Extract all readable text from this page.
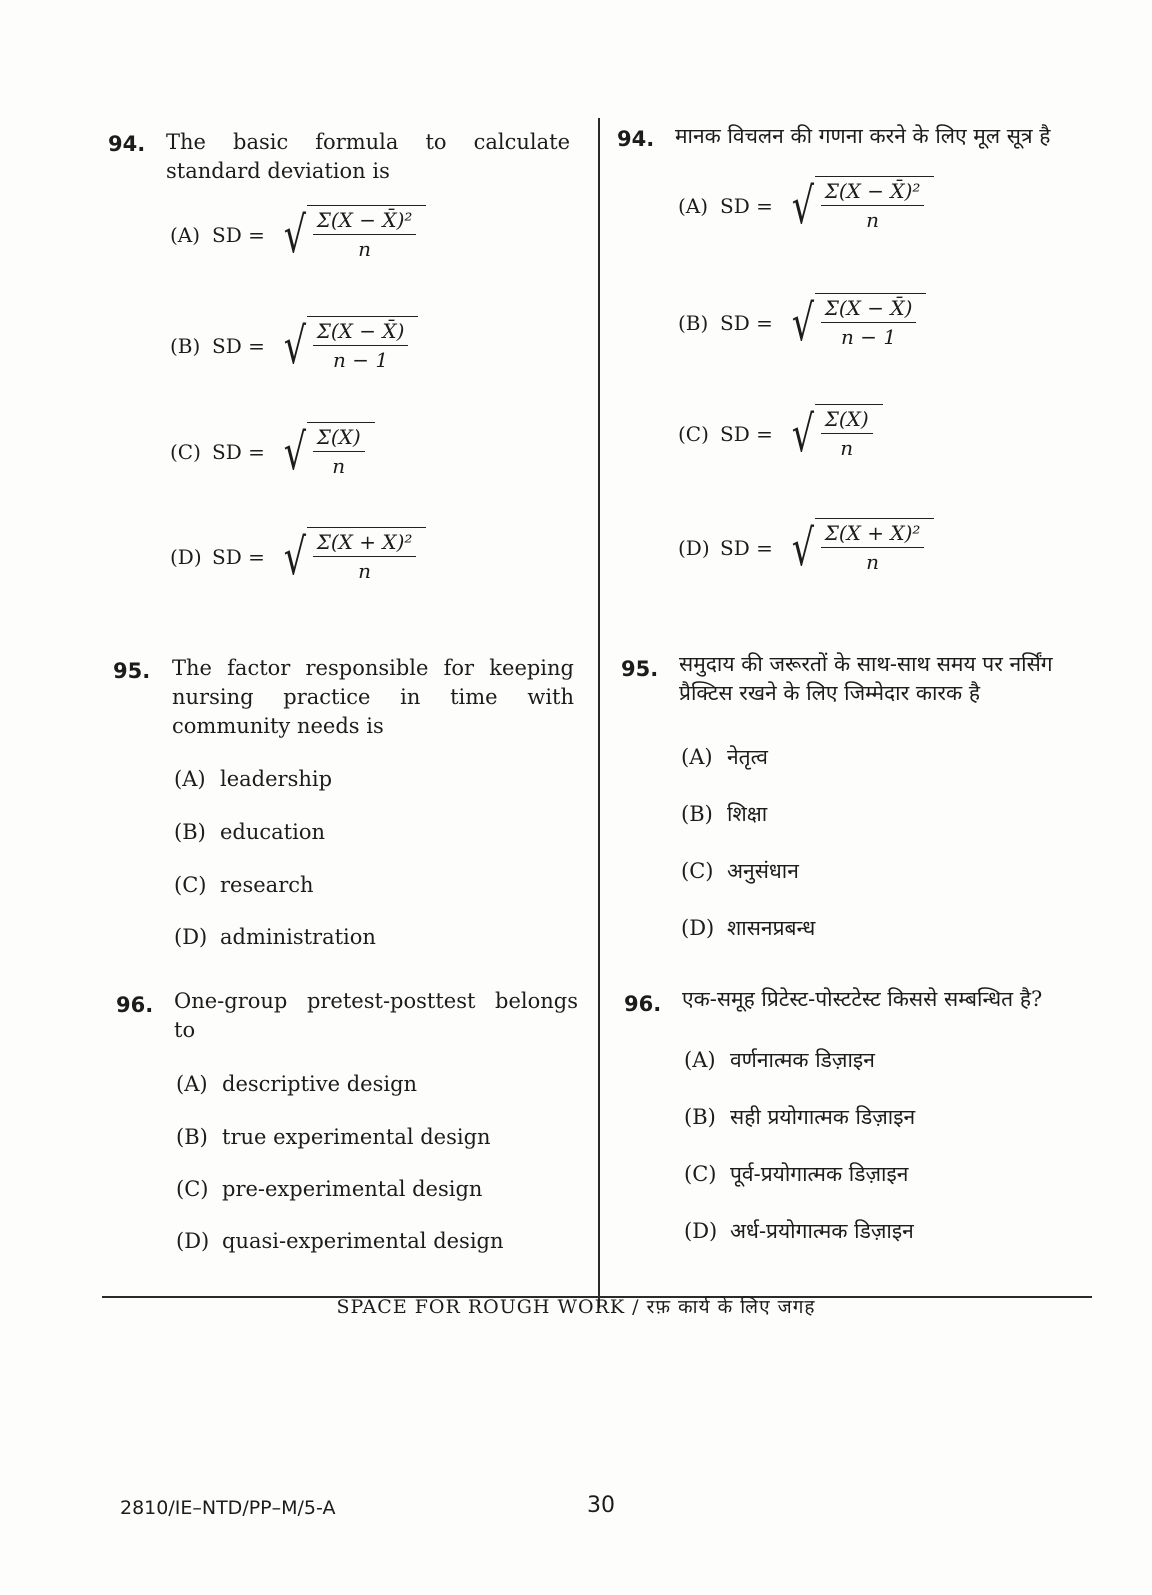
94. The basic formula to calculate standard deviation is
(A) SD = √ $\frac{\text{Σ(X − X̄)²}}{n}$
(B) SD = √ $\frac{\Sigma(X - X̄)}{n - 1}$
(C) SD = √ $\frac{\Sigma(X)}{n}$
(D) SD = √ $\frac{\text{Σ(X + X)²}}{n}$
95. The factor responsible for keeping nursing practice in time with community needs is
(A) leadership
(B) education
(C) research
(D) administration
96. One-group pretest-posttest belongs to
(A) descriptive design
(B) true experimental design
(C) pre-experimental design
(D) quasi-experimental design
94. मानक विचलन की गणना करने के लिए मूल सूत्र है
(A) SD = √ $\frac{\text{Σ(X − X̄)²}}{n}$
(B) SD = √ $\frac{\Sigma(X - X̄)}{n - 1}$
(C) SD = √ $\frac{\Sigma(X)}{n}$
(D) SD = √ $\frac{\text{Σ(X + X)²}}{n}$
95. समुदाय की जरूरतों के साथ-साथ समय पर नर्सिंग प्रैक्टिस रखने के लिए जिम्मेदार कारक है
(A) नेतृत्व
(B) शिक्षा
(C) अनुसंधान
(D) शासनप्रबन्ध
96. एक-समूह प्रिटेस्ट-पोस्टटेस्ट किससे सम्बन्धित है?
(A) वर्णनात्मक डिज़ाइन
(B) सही प्रयोगात्मक डिज़ाइन
(C) पूर्व-प्रयोगात्मक डिज़ाइन
(D) अर्ध-प्रयोगात्मक डिज़ाइन
SPACE FOR ROUGH WORK / रफ़ कार्य के लिए जगह
2810/IE–NTD/PP–M/5-A	30
